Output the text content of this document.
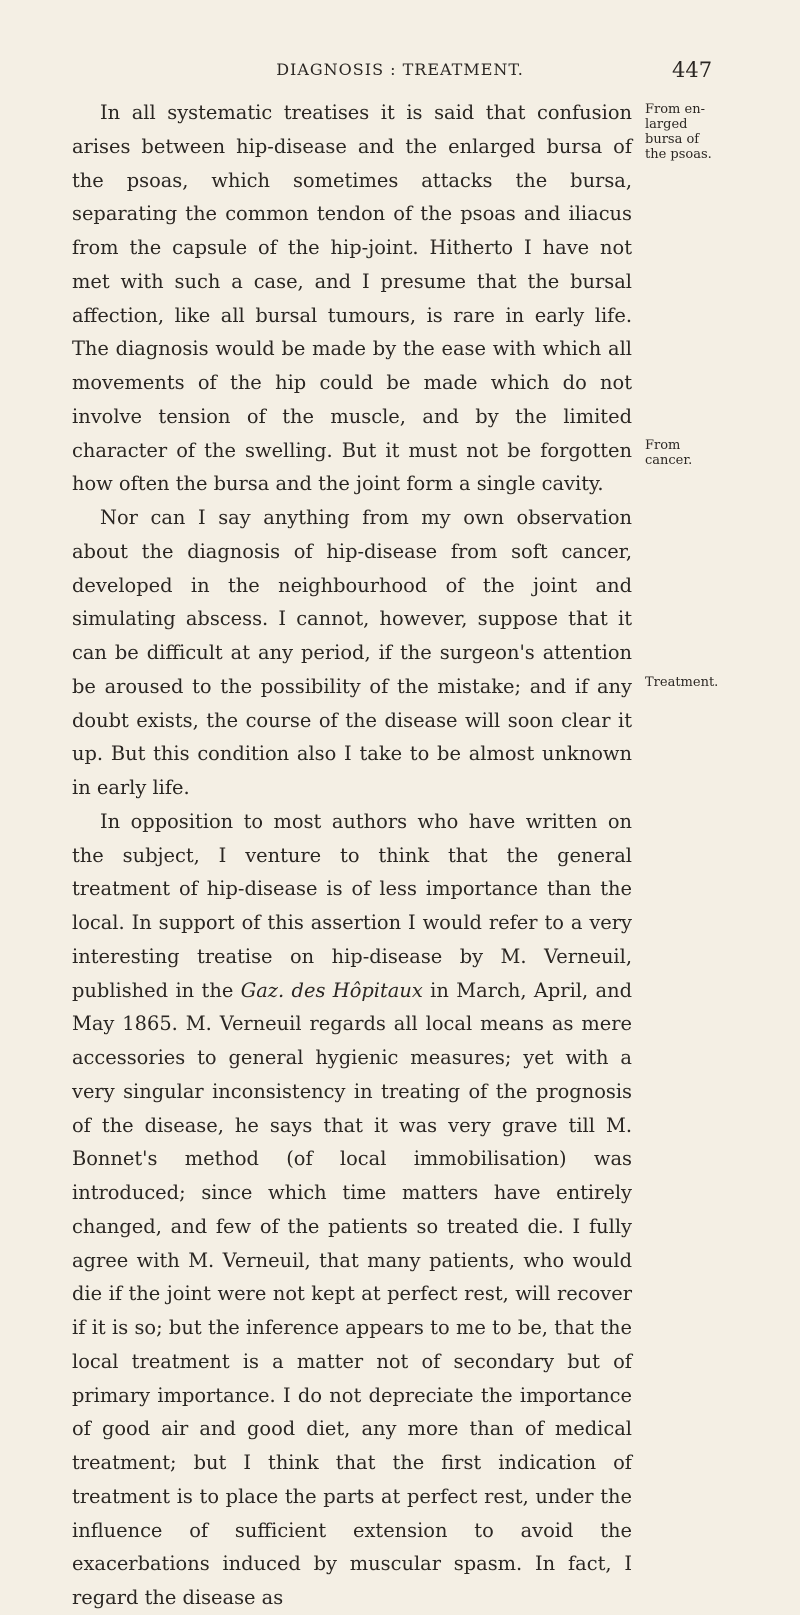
DIAGNOSIS : TREATMENT.	447

In all systematic treatises it is said that confusion arises between hip-disease and the enlarged bursa of the psoas, which sometimes attacks the bursa, separating the common tendon of the psoas and iliacus from the capsule of the hip-joint. Hitherto I have not met with such a case, and I presume that the bursal affection, like all bursal tumours, is rare in early life. The diagnosis would be made by the ease with which all movements of the hip could be made which do not involve tension of the muscle, and by the limited character of the swelling. But it must not be forgotten how often the bursa and the joint form a single cavity.

Nor can I say anything from my own observation about the diagnosis of hip-disease from soft cancer, developed in the neighbourhood of the joint and simulating abscess. I cannot, however, suppose that it can be difficult at any period, if the surgeon's attention be aroused to the possibility of the mistake; and if any doubt exists, the course of the disease will soon clear it up. But this condition also I take to be almost unknown in early life.

In opposition to most authors who have written on the subject, I venture to think that the general treatment of hip-disease is of less importance than the local. In support of this assertion I would refer to a very interesting treatise on hip-disease by M. Verneuil, published in the Gaz. des Hôpitaux in March, April, and May 1865. M. Verneuil regards all local means as mere accessories to general hygienic measures; yet with a very singular inconsistency in treating of the prognosis of the disease, he says that it was very grave till M. Bonnet's method (of local immobilisation) was introduced; since which time matters have entirely changed, and few of the patients so treated die. I fully agree with M. Verneuil, that many patients, who would die if the joint were not kept at perfect rest, will recover if it is so; but the inference appears to me to be, that the local treatment is a matter not of secondary but of primary importance. I do not depreciate the importance of good air and good diet, any more than of medical treatment; but I think that the first indication of treatment is to place the parts at perfect rest, under the influence of sufficient extension to avoid the exacerbations induced by muscular spasm. In fact, I regard the disease as

From en-
larged
bursa of
the psoas.
From
cancer.
Treatment.
